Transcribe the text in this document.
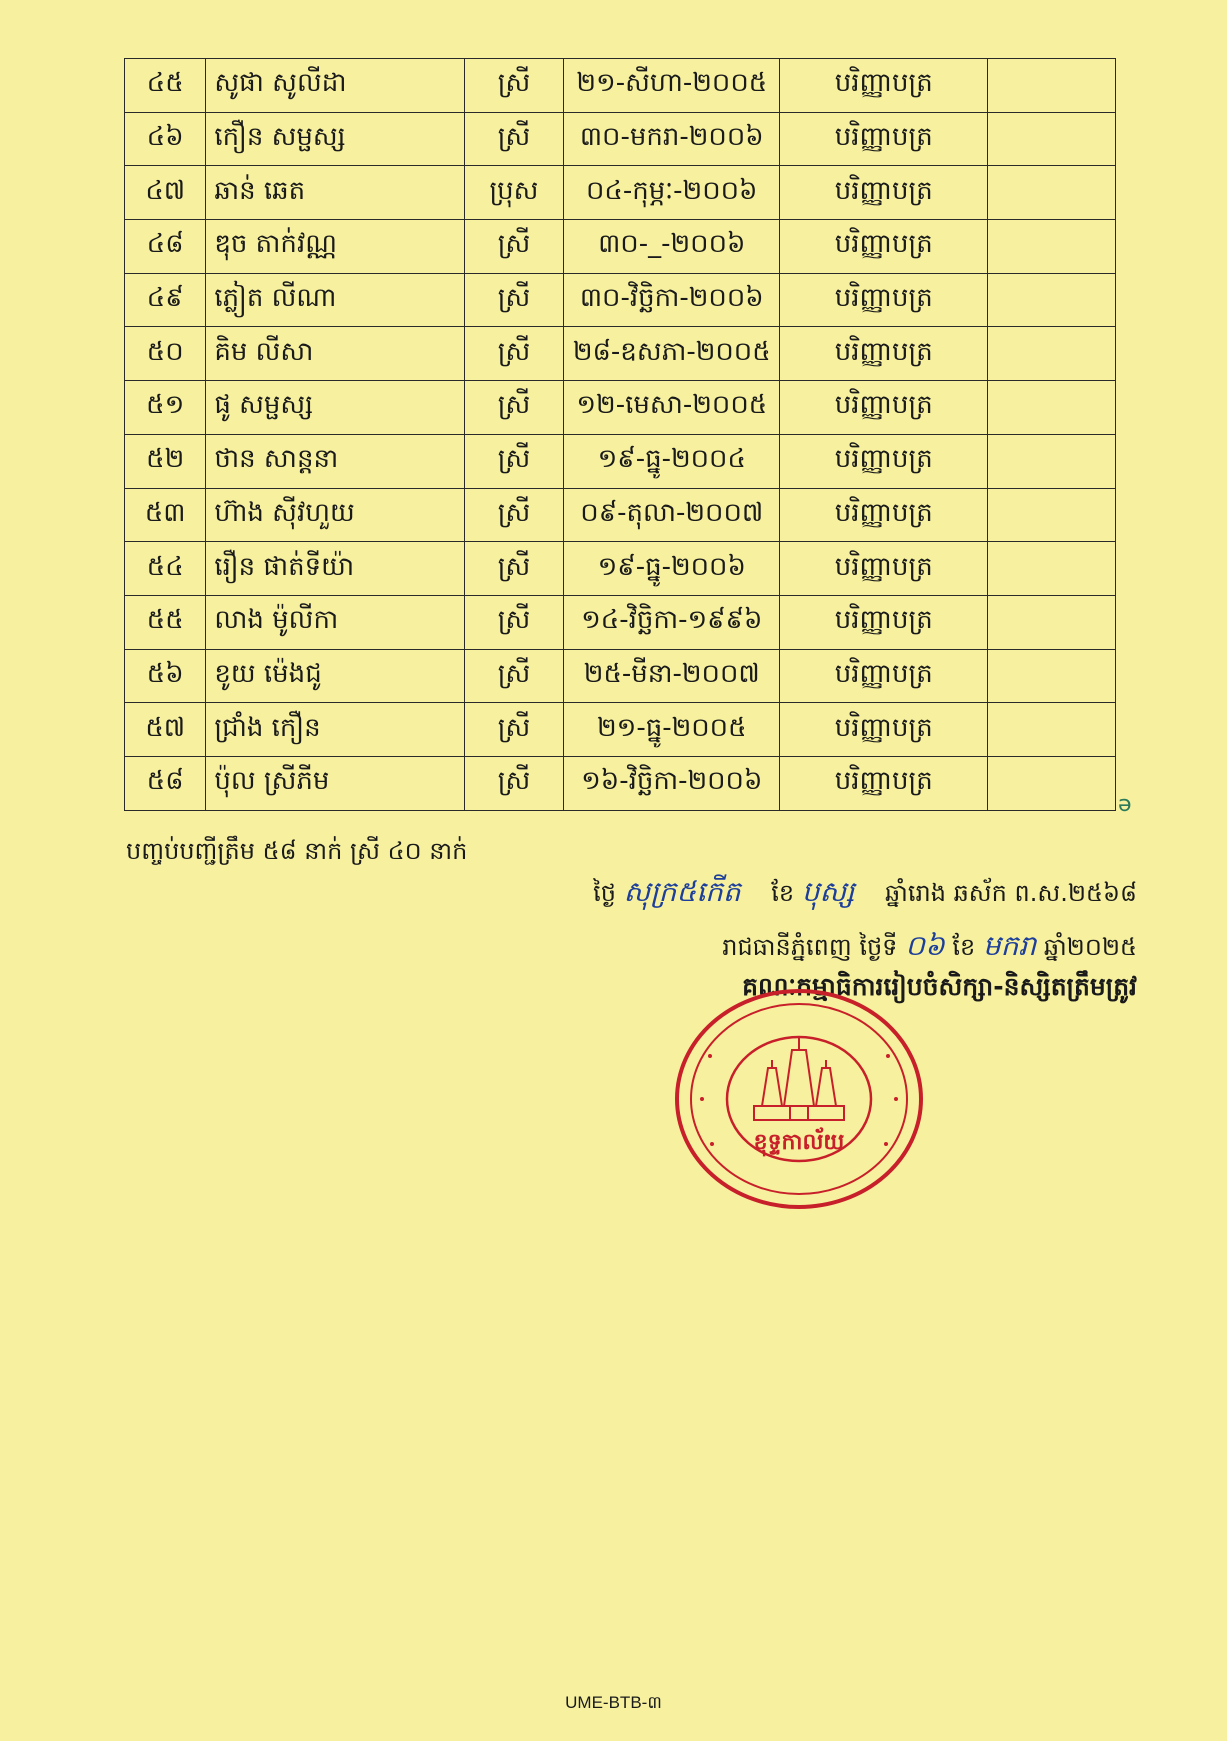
៤៥	សូផា សូលីដា	ស្រី	២១-សីហា-២០០៥	បរិញ្ញាបត្រ	
៤៦	កឿន សម្ផស្ស	ស្រី	៣០-មករា-២០០៦	បរិញ្ញាបត្រ	
៤៧	ឆាន់ ឆេត	ប្រុស	០៤-កុម្ភៈ-២០០៦	បរិញ្ញាបត្រ	
៤៨	ឌុច តាក់វណ្ណ	ស្រី	៣០-_-២០០៦	បរិញ្ញាបត្រ	
៤៩	ភ្លៀត លីណា	ស្រី	៣០-វិច្ឆិកា-២០០៦	បរិញ្ញាបត្រ	
៥០	គិម លីសា	ស្រី	២៨-ឧសភា-២០០៥	បរិញ្ញាបត្រ	
៥១	ផូ សម្ផស្ស	ស្រី	១២-មេសា-២០០៥	បរិញ្ញាបត្រ	
៥២	ថាន សាន្តនា	ស្រី	១៩-ធ្នូ-២០០៤	បរិញ្ញាបត្រ	
៥៣	ហ៊ាង ស៊ីវហួយ	ស្រី	០៩-តុលា-២០០៧	បរិញ្ញាបត្រ	
៥៤	រឿន ផាត់ទីយ៉ា	ស្រី	១៩-ធ្នូ-២០០៦	បរិញ្ញាបត្រ	
៥៥	លាង ម៉ូលីកា	ស្រី	១៤-វិច្ឆិកា-១៩៩៦	បរិញ្ញាបត្រ	
៥៦	ខូយ ម៉េងជូ	ស្រី	២៥-មីនា-២០០៧	បរិញ្ញាបត្រ	
៥៧	ជ្រាំង កឿន	ស្រី	២១-ធ្នូ-២០០៥	បរិញ្ញាបត្រ	
៥៨	ប៉ុល ស្រីភីម	ស្រី	១៦-វិច្ឆិកា-២០០៦	បរិញ្ញាបត្រ	
បញ្ចប់បញ្ជីត្រឹម ៥៨ នាក់ ស្រី ៤០ នាក់
ថ្ងៃ សុក្រ៥កើត ខែ បុស្ស ឆ្នាំរោង ឆស័ក ព.ស.២៥៦៨
រាជធានីភ្នំពេញ ថ្ងៃទី ០៦ ខែ មករា ឆ្នាំ២០២៥
គណៈកម្មាធិការរៀបចំសិក្សា-និស្សិតត្រឹមត្រូវ
ខុទ្ទកាល័យ
ǝ
UME-BTB-៣
